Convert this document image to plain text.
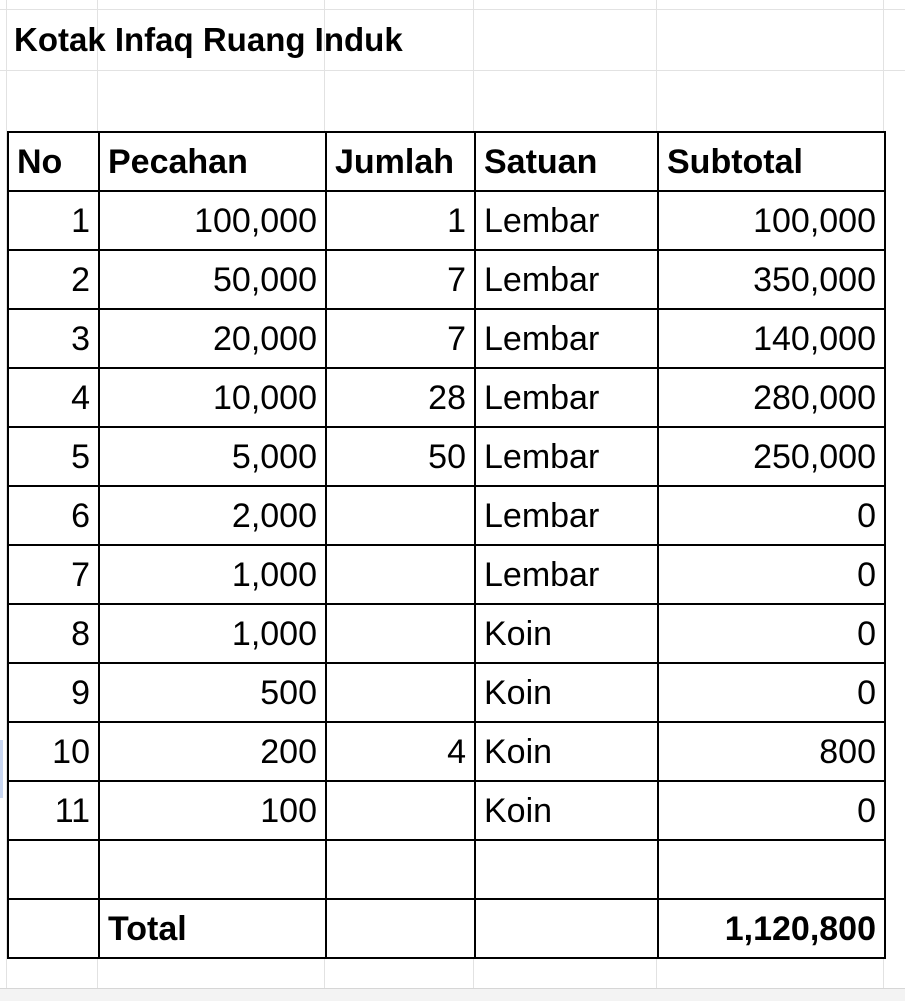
Kotak Infaq Ruang Induk
No	Pecahan	Jumlah	Satuan	Subtotal
1	100,000	1	Lembar	100,000
2	50,000	7	Lembar	350,000
3	20,000	7	Lembar	140,000
4	10,000	28	Lembar	280,000
5	5,000	50	Lembar	250,000
6	2,000		Lembar	0
7	1,000		Lembar	0
8	1,000		Koin	0
9	500		Koin	0
10	200	4	Koin	800
11	100		Koin	0

	Total			1,120,800
